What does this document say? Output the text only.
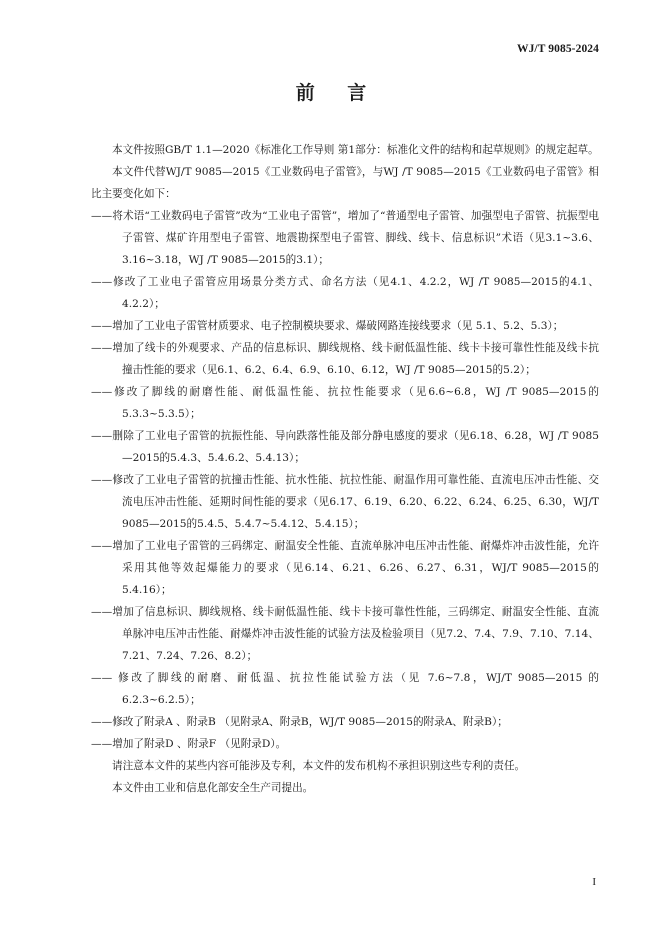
WJ/T 9085-2024
前 言

本文件按照GB/T 1.1—2020《标准化工作导则 第1部分：标准化文件的结构和起草规则》的规定起草。

本文件代替WJ/T 9085—2015《工业数码电子雷管》，与WJ /T 9085—2015《工业数码电子雷管》相比主要变化如下：

——将术语“工业数码电子雷管”改为“工业电子雷管”，增加了“普通型电子雷管、加强型电子雷管、抗振型电子雷管、煤矿许用型电子雷管、地震勘探型电子雷管、脚线、线卡、信息标识”术语（见3.1~3.6、3.16~3.18，WJ /T 9085—2015的3.1）；

——修改了工业电子雷管应用场景分类方式、命名方法（见4.1、4.2.2，WJ /T 9085—2015的4.1、4.2.2）；

——增加了工业电子雷管材质要求、电子控制模块要求、爆破网路连接线要求（见 5.1、5.2、5.3）；

——增加了线卡的外观要求、产品的信息标识、脚线规格、线卡耐低温性能、线卡卡接可靠性性能及线卡抗撞击性能的要求（见6.1、6.2、6.4、6.9、6.10、6.12，WJ /T 9085—2015的5.2）；

——修改了脚线的耐磨性能、耐低温性能、抗拉性能要求（见6.6~6.8，WJ /T 9085—2015的5.3.3~5.3.5）；

——删除了工业电子雷管的抗振性能、导向跌落性能及部分静电感度的要求（见6.18、6.28，WJ /T 9085—2015的5.4.3、5.4.6.2、5.4.13）；

——修改了工业电子雷管的抗撞击性能、抗水性能、抗拉性能、耐温作用可靠性能、直流电压冲击性能、交流电压冲击性能、延期时间性能的要求（见6.17、6.19、6.20、6.22、6.24、6.25、6.30，WJ/T 9085—2015的5.4.5、5.4.7~5.4.12、5.4.15）；

——增加了工业电子雷管的三码绑定、耐温安全性能、直流单脉冲电压冲击性能、耐爆炸冲击波性能，允许采用其他等效起爆能力的要求（见6.14、6.21、6.26、6.27、6.31，WJ/T 9085—2015的5.4.16）；

——增加了信息标识、脚线规格、线卡耐低温性能、线卡卡接可靠性性能，三码绑定、耐温安全性能、直流单脉冲电压冲击性能、耐爆炸冲击波性能的试验方法及检验项目（见7.2、7.4、7.9、7.10、7.14、7.21、7.24、7.26、8.2）；

—— 修改了脚线的耐磨、耐低温、抗拉性能试验方法（见 7.6~7.8，WJ/T 9085—2015 的 6.2.3~6.2.5）；

——修改了附录A 、附录B （见附录A、附录B，WJ/T 9085—2015的附录A、附录B）；

——增加了附录D 、附录F （见附录D）。

请注意本文件的某些内容可能涉及专利，本文件的发布机构不承担识别这些专利的责任。

本文件由工业和信息化部安全生产司提出。

I
